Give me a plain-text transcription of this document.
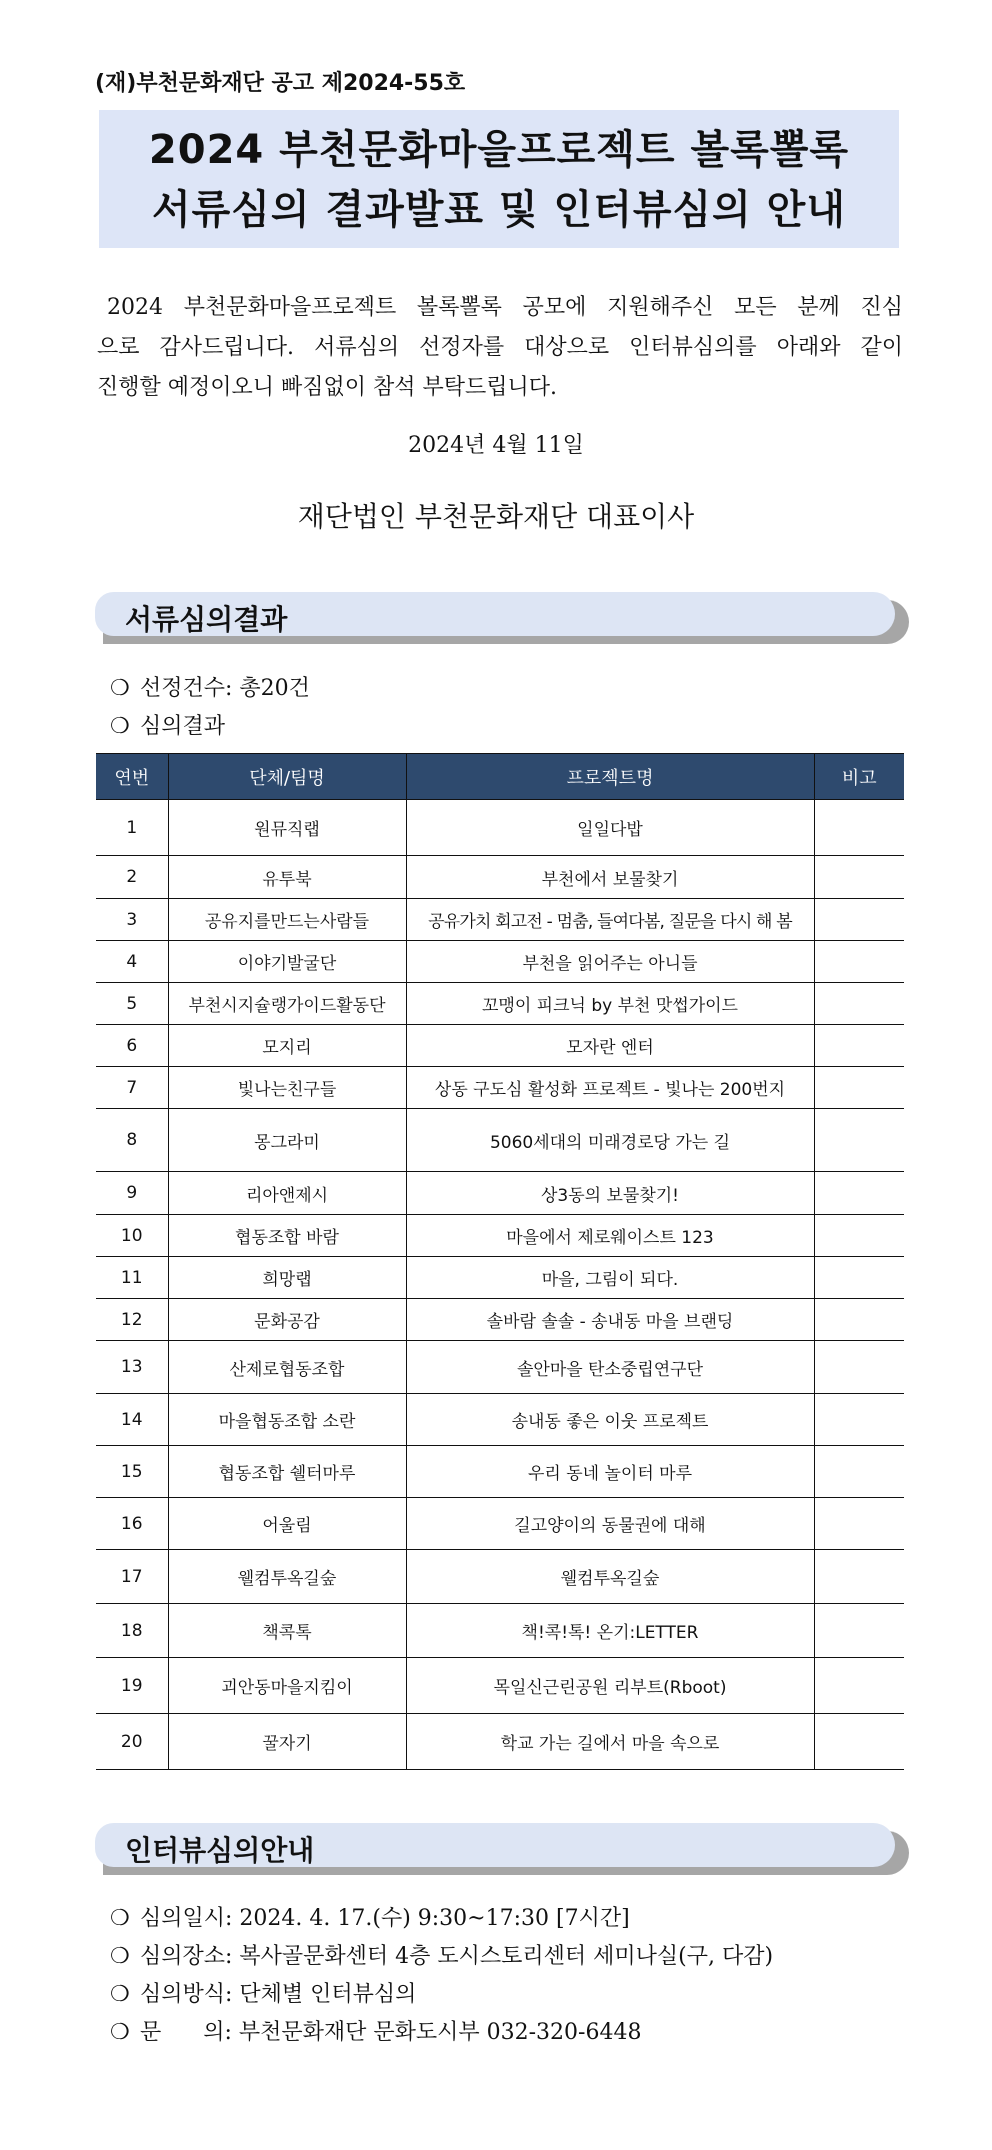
(재)부천문화재단 공고 제2024-55호
2024 부천문화마을프로젝트 볼록뽈록
서류심의 결과발표 및 인터뷰심의 안내

2024 부천문화마을프로젝트 볼록뽈록 공모에 지원해주신 모든 분께 진심

으로 감사드립니다. 서류심의 선정자를 대상으로 인터뷰심의를 아래와 같이

진행할 예정이오니 빠짐없이 참석 부탁드립니다.

2024년 4월 11일
재단법인 부천문화재단 대표이사
서류심의결과
❍ 선정건수: 총20건
❍ 심의결과
연번	단체/팀명	프로젝트명	비고
1	원뮤직랩	일일다밥	
2	유투북	부천에서 보물찾기	
3	공유지를만드는사람들	공유가치 회고전 - 멈춤, 들여다봄, 질문을 다시 해 봄	
4	이야기발굴단	부천을 읽어주는 아니들	
5	부천시지슐랭가이드활동단	꼬맹이 피크닉 by 부천 맛썹가이드	
6	모지리	모자란 엔터	
7	빛나는친구들	상동 구도심 활성화 프로젝트 - 빛나는 200번지	
8	몽그라미	5060세대의 미래경로당 가는 길	
9	리아앤제시	상3동의 보물찾기!	
10	협동조합 바람	마을에서 제로웨이스트 123	
11	희망랩	마을, 그림이 되다.	
12	문화공감	솔바람 솔솔 - 송내동 마을 브랜딩	
13	산제로협동조합	솔안마을 탄소중립연구단	
14	마을협동조합 소란	송내동 좋은 이웃 프로젝트	
15	협동조합 쉘터마루	우리 동네 놀이터 마루	
16	어울림	길고양이의 동물권에 대해	
17	웰컴투옥길숲	웰컴투옥길숲	
18	책콕톡	책!콕!톡! 온기:LETTER	
19	괴안동마을지킴이	목일신근린공원 리부트(Rboot)	
20	꿀자기	학교 가는 길에서 마을 속으로	
인터뷰심의안내
❍ 심의일시: 2024. 4. 17.(수) 9:30~17:30 [7시간]
❍ 심의장소: 복사골문화센터 4층 도시스토리센터 세미나실(구, 다감)
❍ 심의방식: 단체별 인터뷰심의
❍ 문      의: 부천문화재단 문화도시부 032-320-6448
